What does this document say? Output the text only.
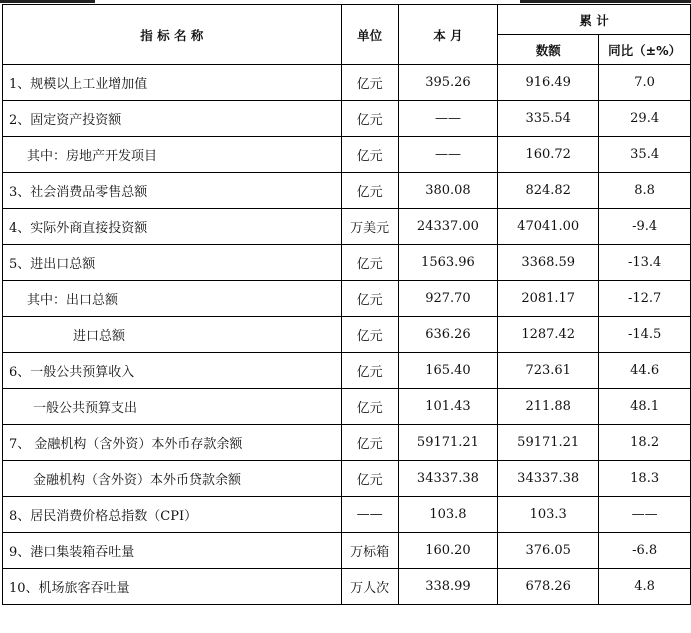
指 标 名 称	单位	本 月	累 计	
			数额	同比（±%）
1、规模以上工业增加值	亿元	395.26	916.49	7.0
2、固定资产投资额	亿元	——	335.54	29.4
其中：房地产开发项目	亿元	——	160.72	35.4
3、社会消费品零售总额	亿元	380.08	824.82	8.8
4、实际外商直接投资额	万美元	24337.00	47041.00	-9.4
5、进出口总额	亿元	1563.96	3368.59	-13.4
其中：出口总额	亿元	927.70	2081.17	-12.7
进口总额	亿元	636.26	1287.42	-14.5
6、一般公共预算收入	亿元	165.40	723.61	44.6
一般公共预算支出	亿元	101.43	211.88	48.1
7、 金融机构（含外资）本外币存款余额	亿元	59171.21	59171.21	18.2
金融机构（含外资）本外币贷款余额	亿元	34337.38	34337.38	18.3
8、居民消费价格总指数（CPI）	——	103.8	103.3	——
9、港口集装箱吞吐量	万标箱	160.20	376.05	-6.8
10、机场旅客吞吐量	万人次	338.99	678.26	4.8
